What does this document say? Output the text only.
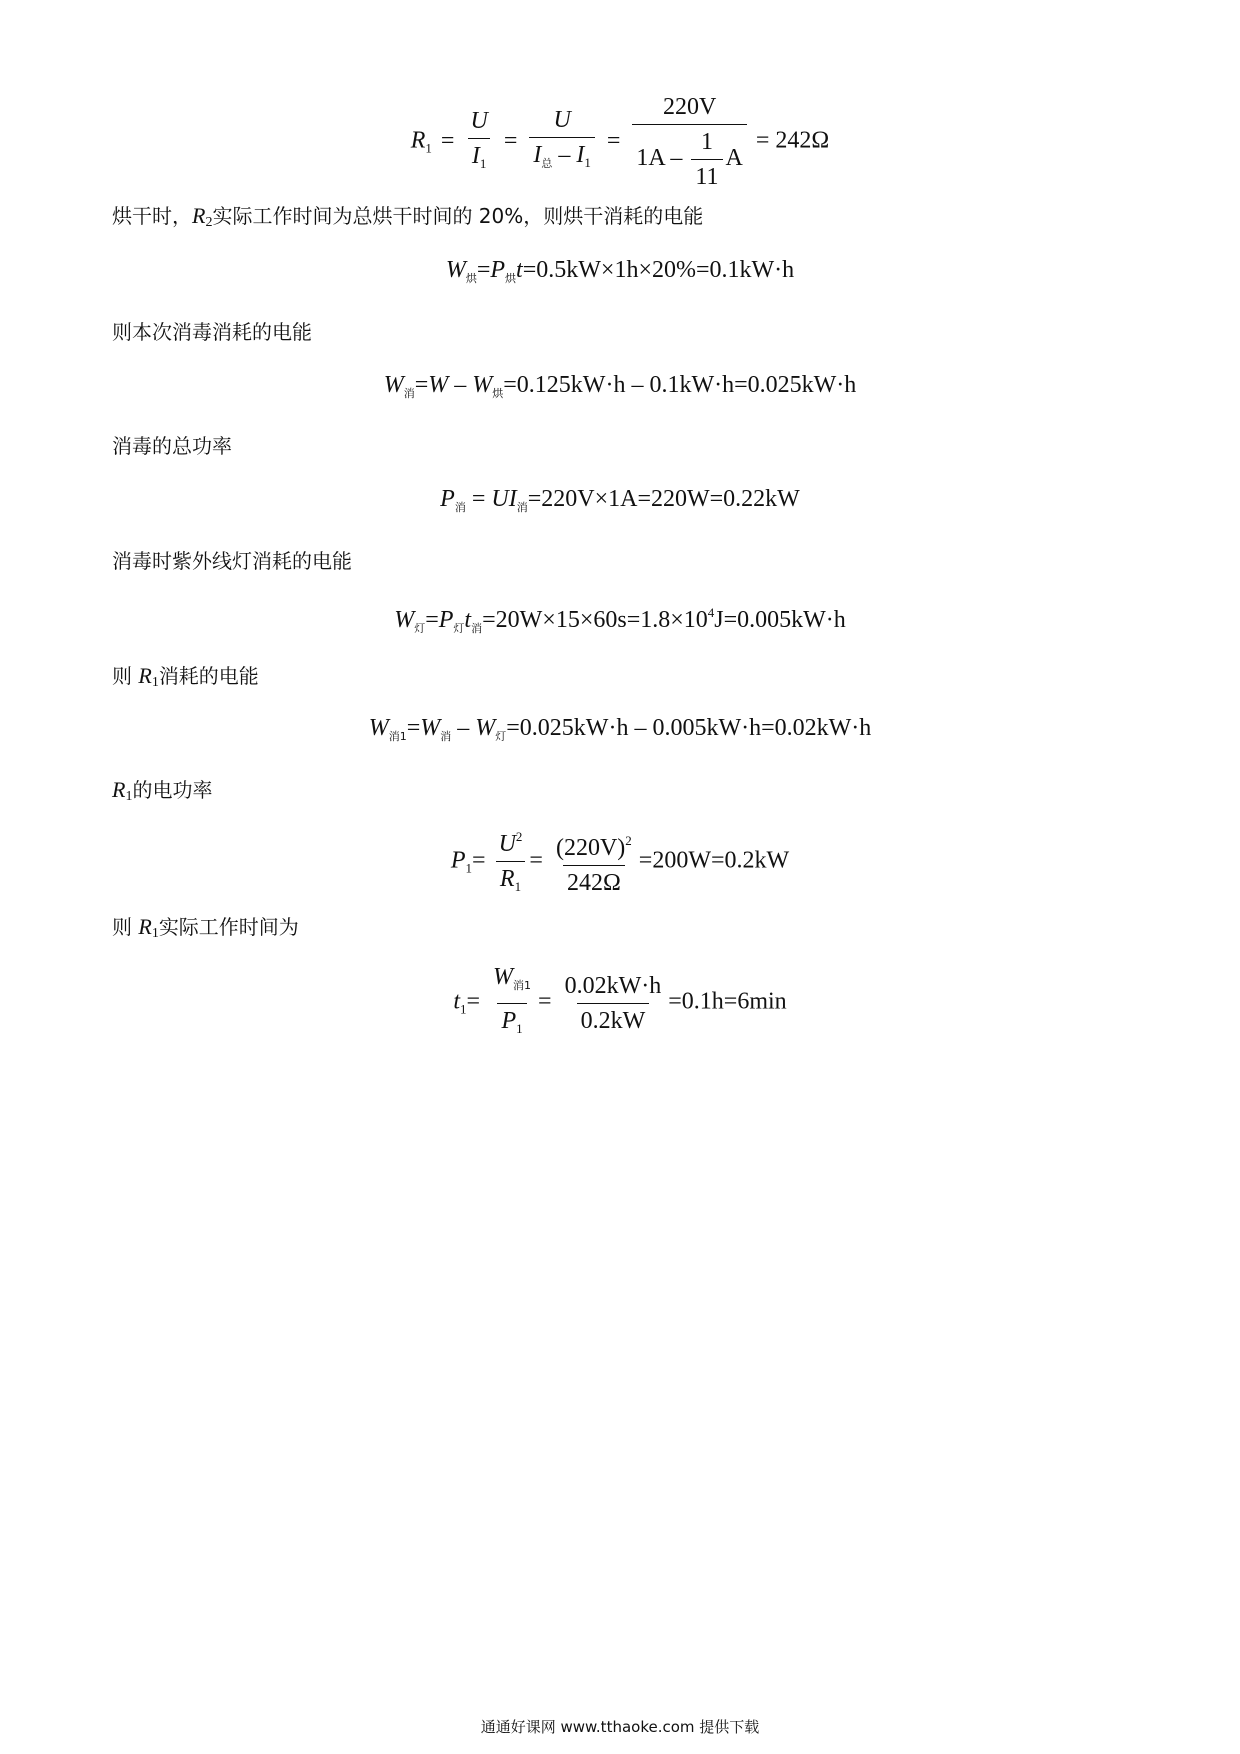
$R_1 = \frac{U}{I_1} = \frac{U}{I_总 - I_1} = \frac{220V}{1A - \frac{1}{11} A} = 242\Omega$
烘干时，$R_2$实际工作时间为总烘干时间的 20%，则烘干消耗的电能
$W_烘=P_烘t=0.5kW\times 1h\times 20\%=0.1kW\cdot h$
则本次消毒消耗的电能
$W_消=W - W_烘=0.125kW\cdot h - 0.1kW\cdot h=0.025kW\cdot h$
消毒的总功率
$P_消 = UI_消=220V\times 1A=220W=0.22kW$
消毒时紫外线灯消耗的电能
$W_灯=P_灯t_消=20W\times 15\times 60s=1.8\times 10^4J=0.005kW\cdot h$
则 $R_1$消耗的电能
$W_{消1}=W_消 - W_灯=0.025kW\cdot h - 0.005kW\cdot h=0.02kW\cdot h$
$R_1$的电功率
$P_1= \frac{U^2}{R_1} = \frac{(220V)^2}{242\Omega} =200W=0.2kW$
则 $R_1$实际工作时间为
$t_1= \frac{W_{消1}}{P_1} = \frac{0.02kW\cdot h}{0.2kW} =0.1h=6\min$
通通好课网 www.tthaoke.com 提供下载
